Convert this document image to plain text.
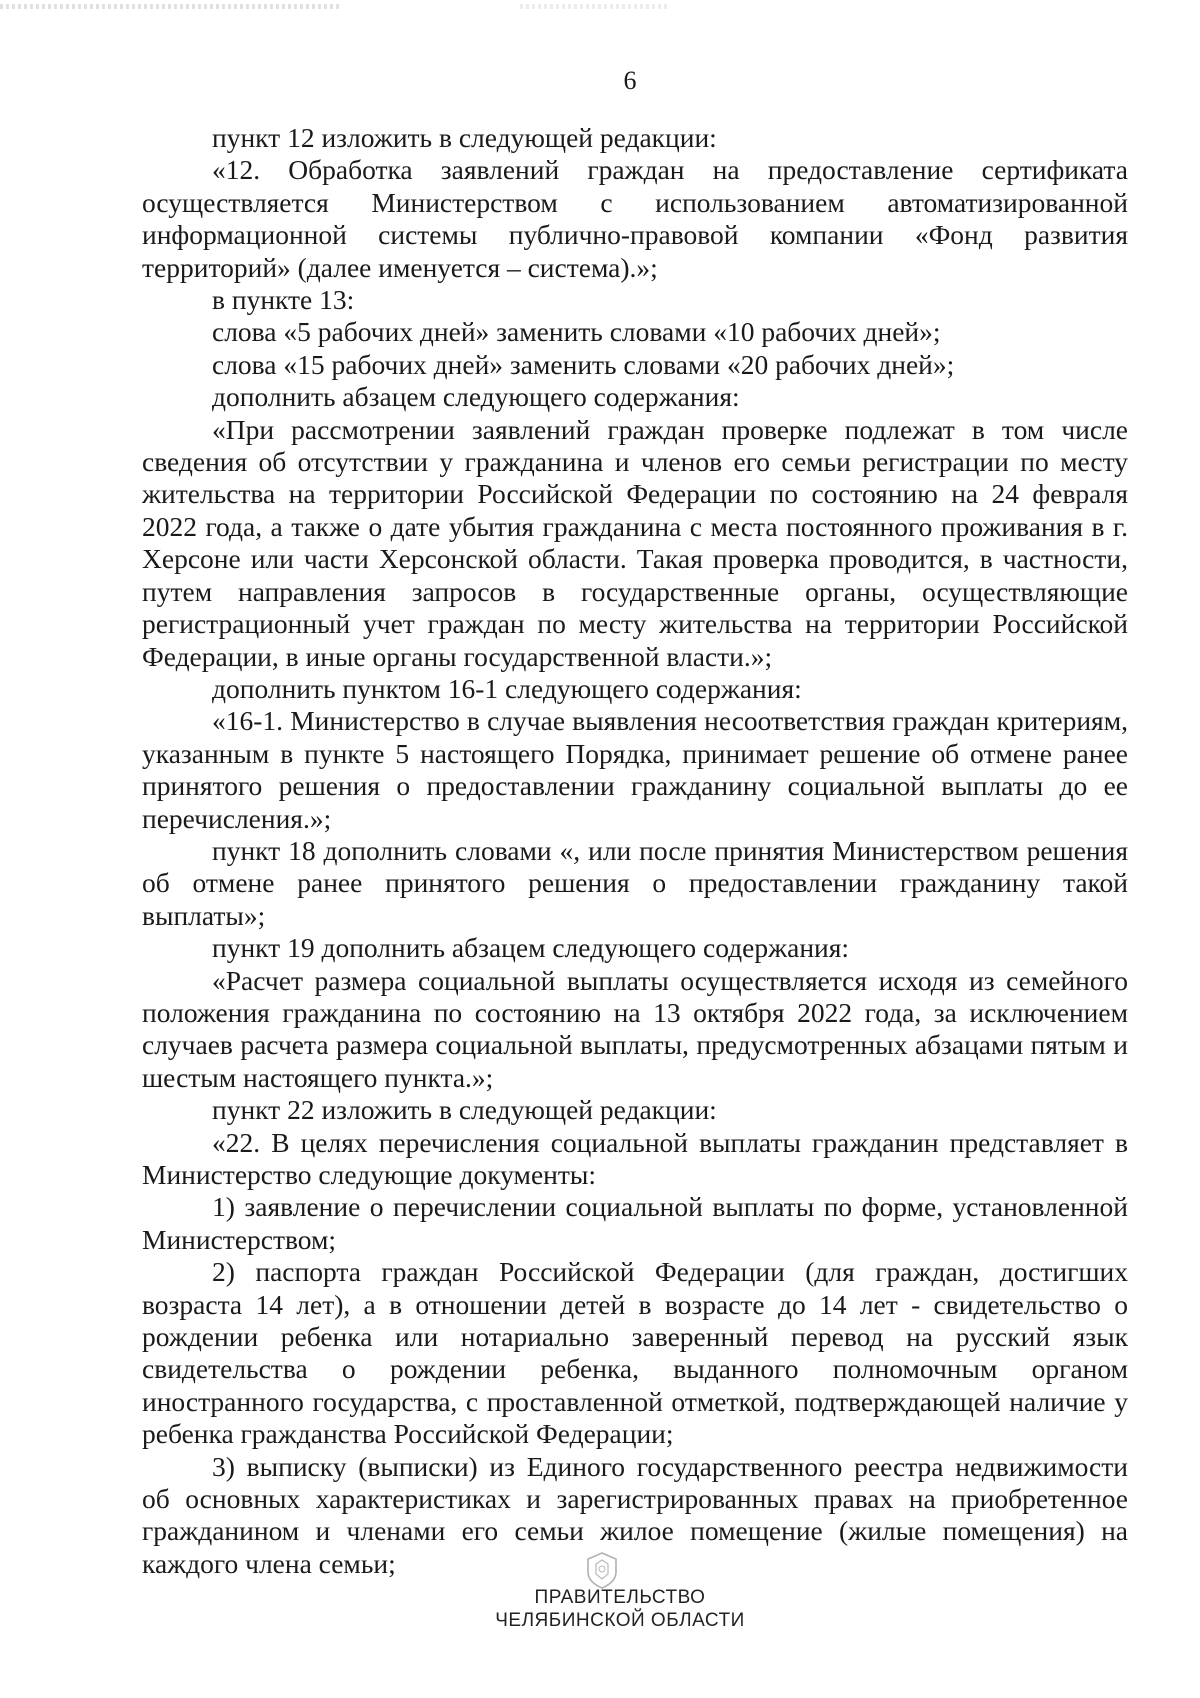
6

пункт 12 изложить в следующей редакции:

«12. Обработка заявлений граждан на предоставление сертификата осуществляется Министерством с использованием автоматизированной информационной системы публично-правовой компании «Фонд развития территорий» (далее именуется – система).»;

в пункте 13:

слова «5 рабочих дней» заменить словами «10 рабочих дней»;

слова «15 рабочих дней» заменить словами «20 рабочих дней»;

дополнить абзацем следующего содержания:

«При рассмотрении заявлений граждан проверке подлежат в том числе сведения об отсутствии у гражданина и членов его семьи регистрации по месту жительства на территории Российской Федерации по состоянию на 24 февраля 2022 года, а также о дате убытия гражданина с места постоянного проживания в г. Херсоне или части Херсонской области. Такая проверка проводится, в частности, путем направления запросов в государственные органы, осуществляющие регистрационный учет граждан по месту жительства на территории Российской Федерации, в иные органы государственной власти.»;

дополнить пунктом 16-1 следующего содержания:

«16-1. Министерство в случае выявления несоответствия граждан критериям, указанным в пункте 5 настоящего Порядка, принимает решение об отмене ранее принятого решения о предоставлении гражданину социальной выплаты до ее перечисления.»;

пункт 18 дополнить словами «, или после принятия Министерством решения об отмене ранее принятого решения о предоставлении гражданину такой выплаты»;

пункт 19 дополнить абзацем следующего содержания:

«Расчет размера социальной выплаты осуществляется исходя из семейного положения гражданина по состоянию на 13 октября 2022 года, за исключением случаев расчета размера социальной выплаты, предусмотренных абзацами пятым и шестым настоящего пункта.»;

пункт 22 изложить в следующей редакции:

«22. В целях перечисления социальной выплаты гражданин представляет в Министерство следующие документы:

1) заявление о перечислении социальной выплаты по форме, установленной Министерством;

2) паспорта граждан Российской Федерации (для граждан, достигших возраста 14 лет), а в отношении детей в возрасте до 14 лет - свидетельство о рождении ребенка или нотариально заверенный перевод на русский язык свидетельства о рождении ребенка, выданного полномочным органом иностранного государства, с проставленной отметкой, подтверждающей наличие у ребенка гражданства Российской Федерации;

3) выписку (выписки) из Единого государственного реестра недвижимости об основных характеристиках и зарегистрированных правах на приобретенное гражданином и членами его семьи жилое помещение (жилые помещения) на каждого члена семьи;

ПРАВИТЕЛЬСТВО
ЧЕЛЯБИНСКОЙ ОБЛАСТИ
